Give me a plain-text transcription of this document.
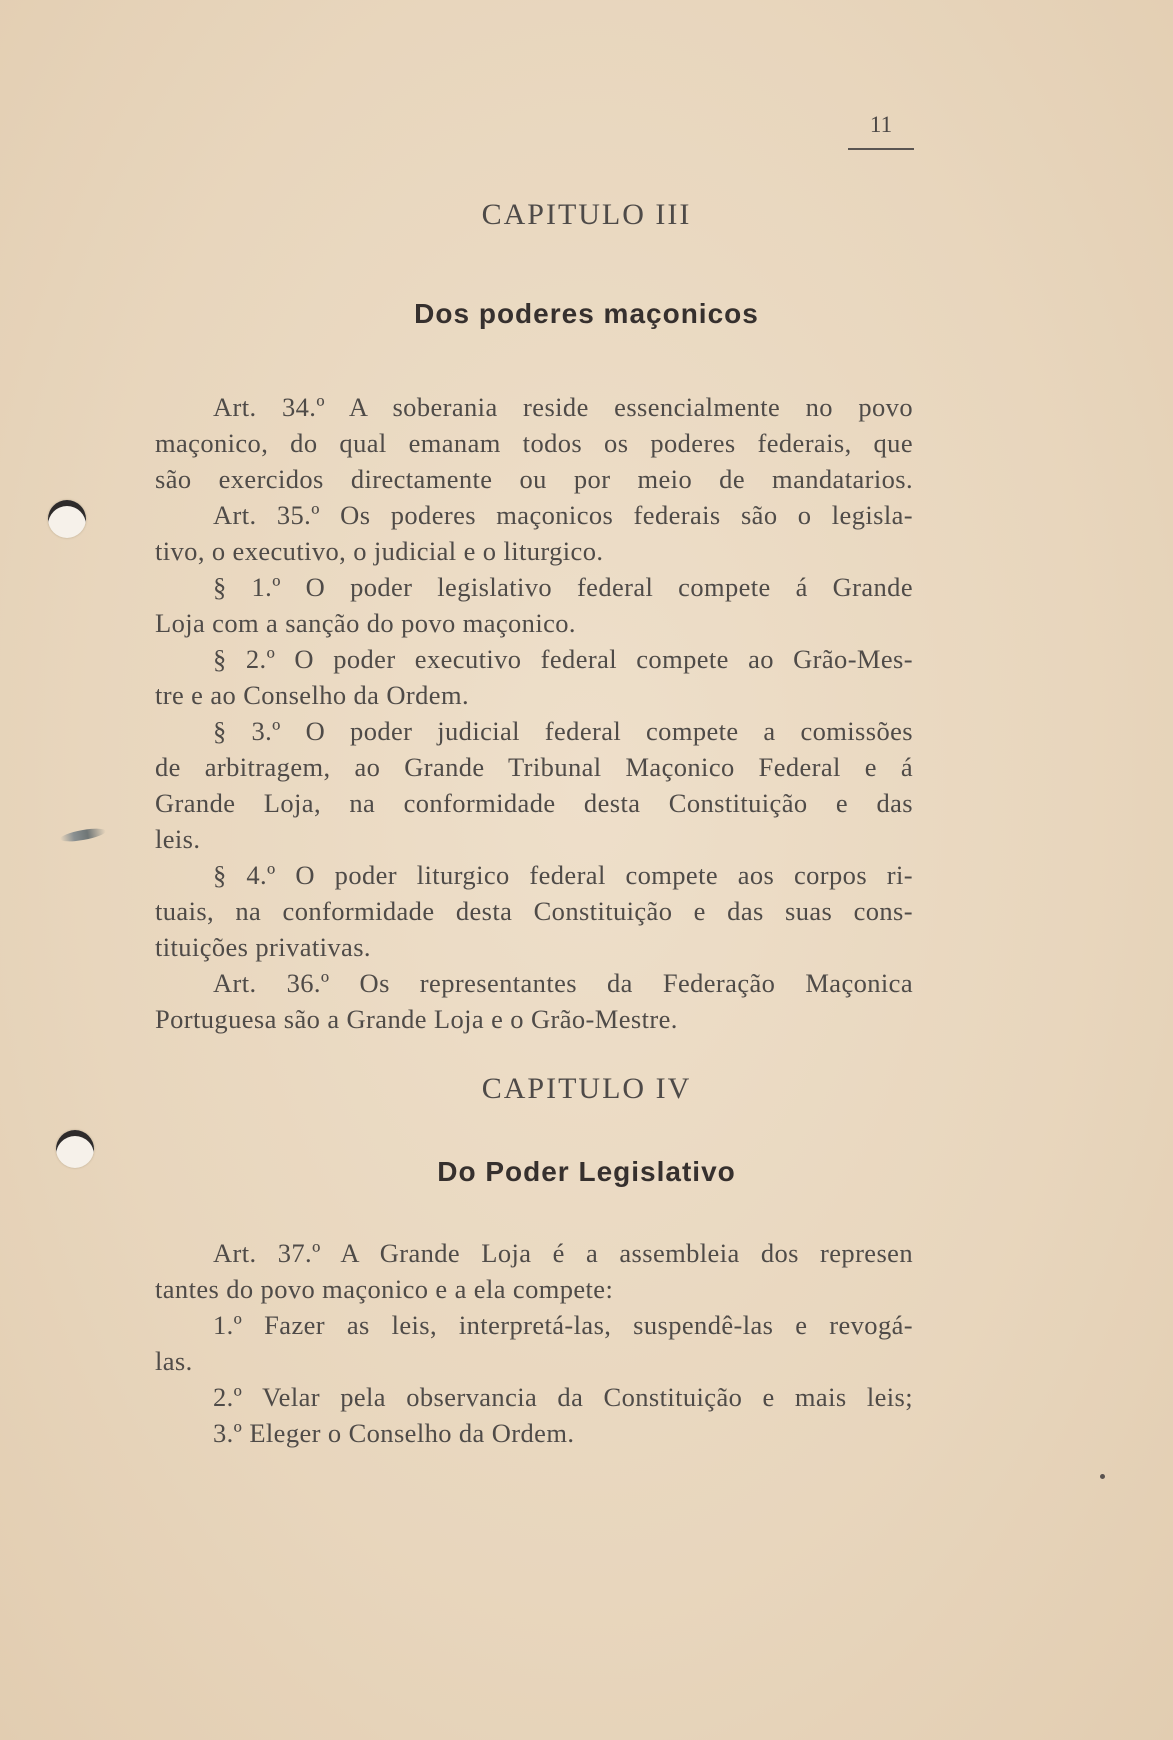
11
CAPITULO III
Dos poderes maçonicos
Art. 34.º A soberania reside essencialmente no povo
maçonico, do qual emanam todos os poderes federais, que
são exercidos directamente ou por meio de mandatarios.
Art. 35.º Os poderes maçonicos federais são o legisla-
tivo, o executivo, o judicial e o liturgico.
§ 1.º O poder legislativo federal compete á Grande
Loja com a sanção do povo maçonico.
§ 2.º O poder executivo federal compete ao Grão-Mes-
tre e ao Conselho da Ordem.
§ 3.º O poder judicial federal compete a comissões
de arbitragem, ao Grande Tribunal Maçonico Federal e á
Grande Loja, na conformidade desta Constituição e das
leis.
§ 4.º O poder liturgico federal compete aos corpos ri-
tuais, na conformidade desta Constituição e das suas cons-
tituições privativas.
Art. 36.º Os representantes da Federação Maçonica
Portuguesa são a Grande Loja e o Grão-Mestre.
CAPITULO IV
Do Poder Legislativo
Art. 37.º A Grande Loja é a assembleia dos represen
tantes do povo maçonico e a ela compete:
1.º Fazer as leis, interpretá-las, suspendê-las e revogá-
las.
2.º Velar pela observancia da Constituição e mais leis;
3.º Eleger o Conselho da Ordem.
